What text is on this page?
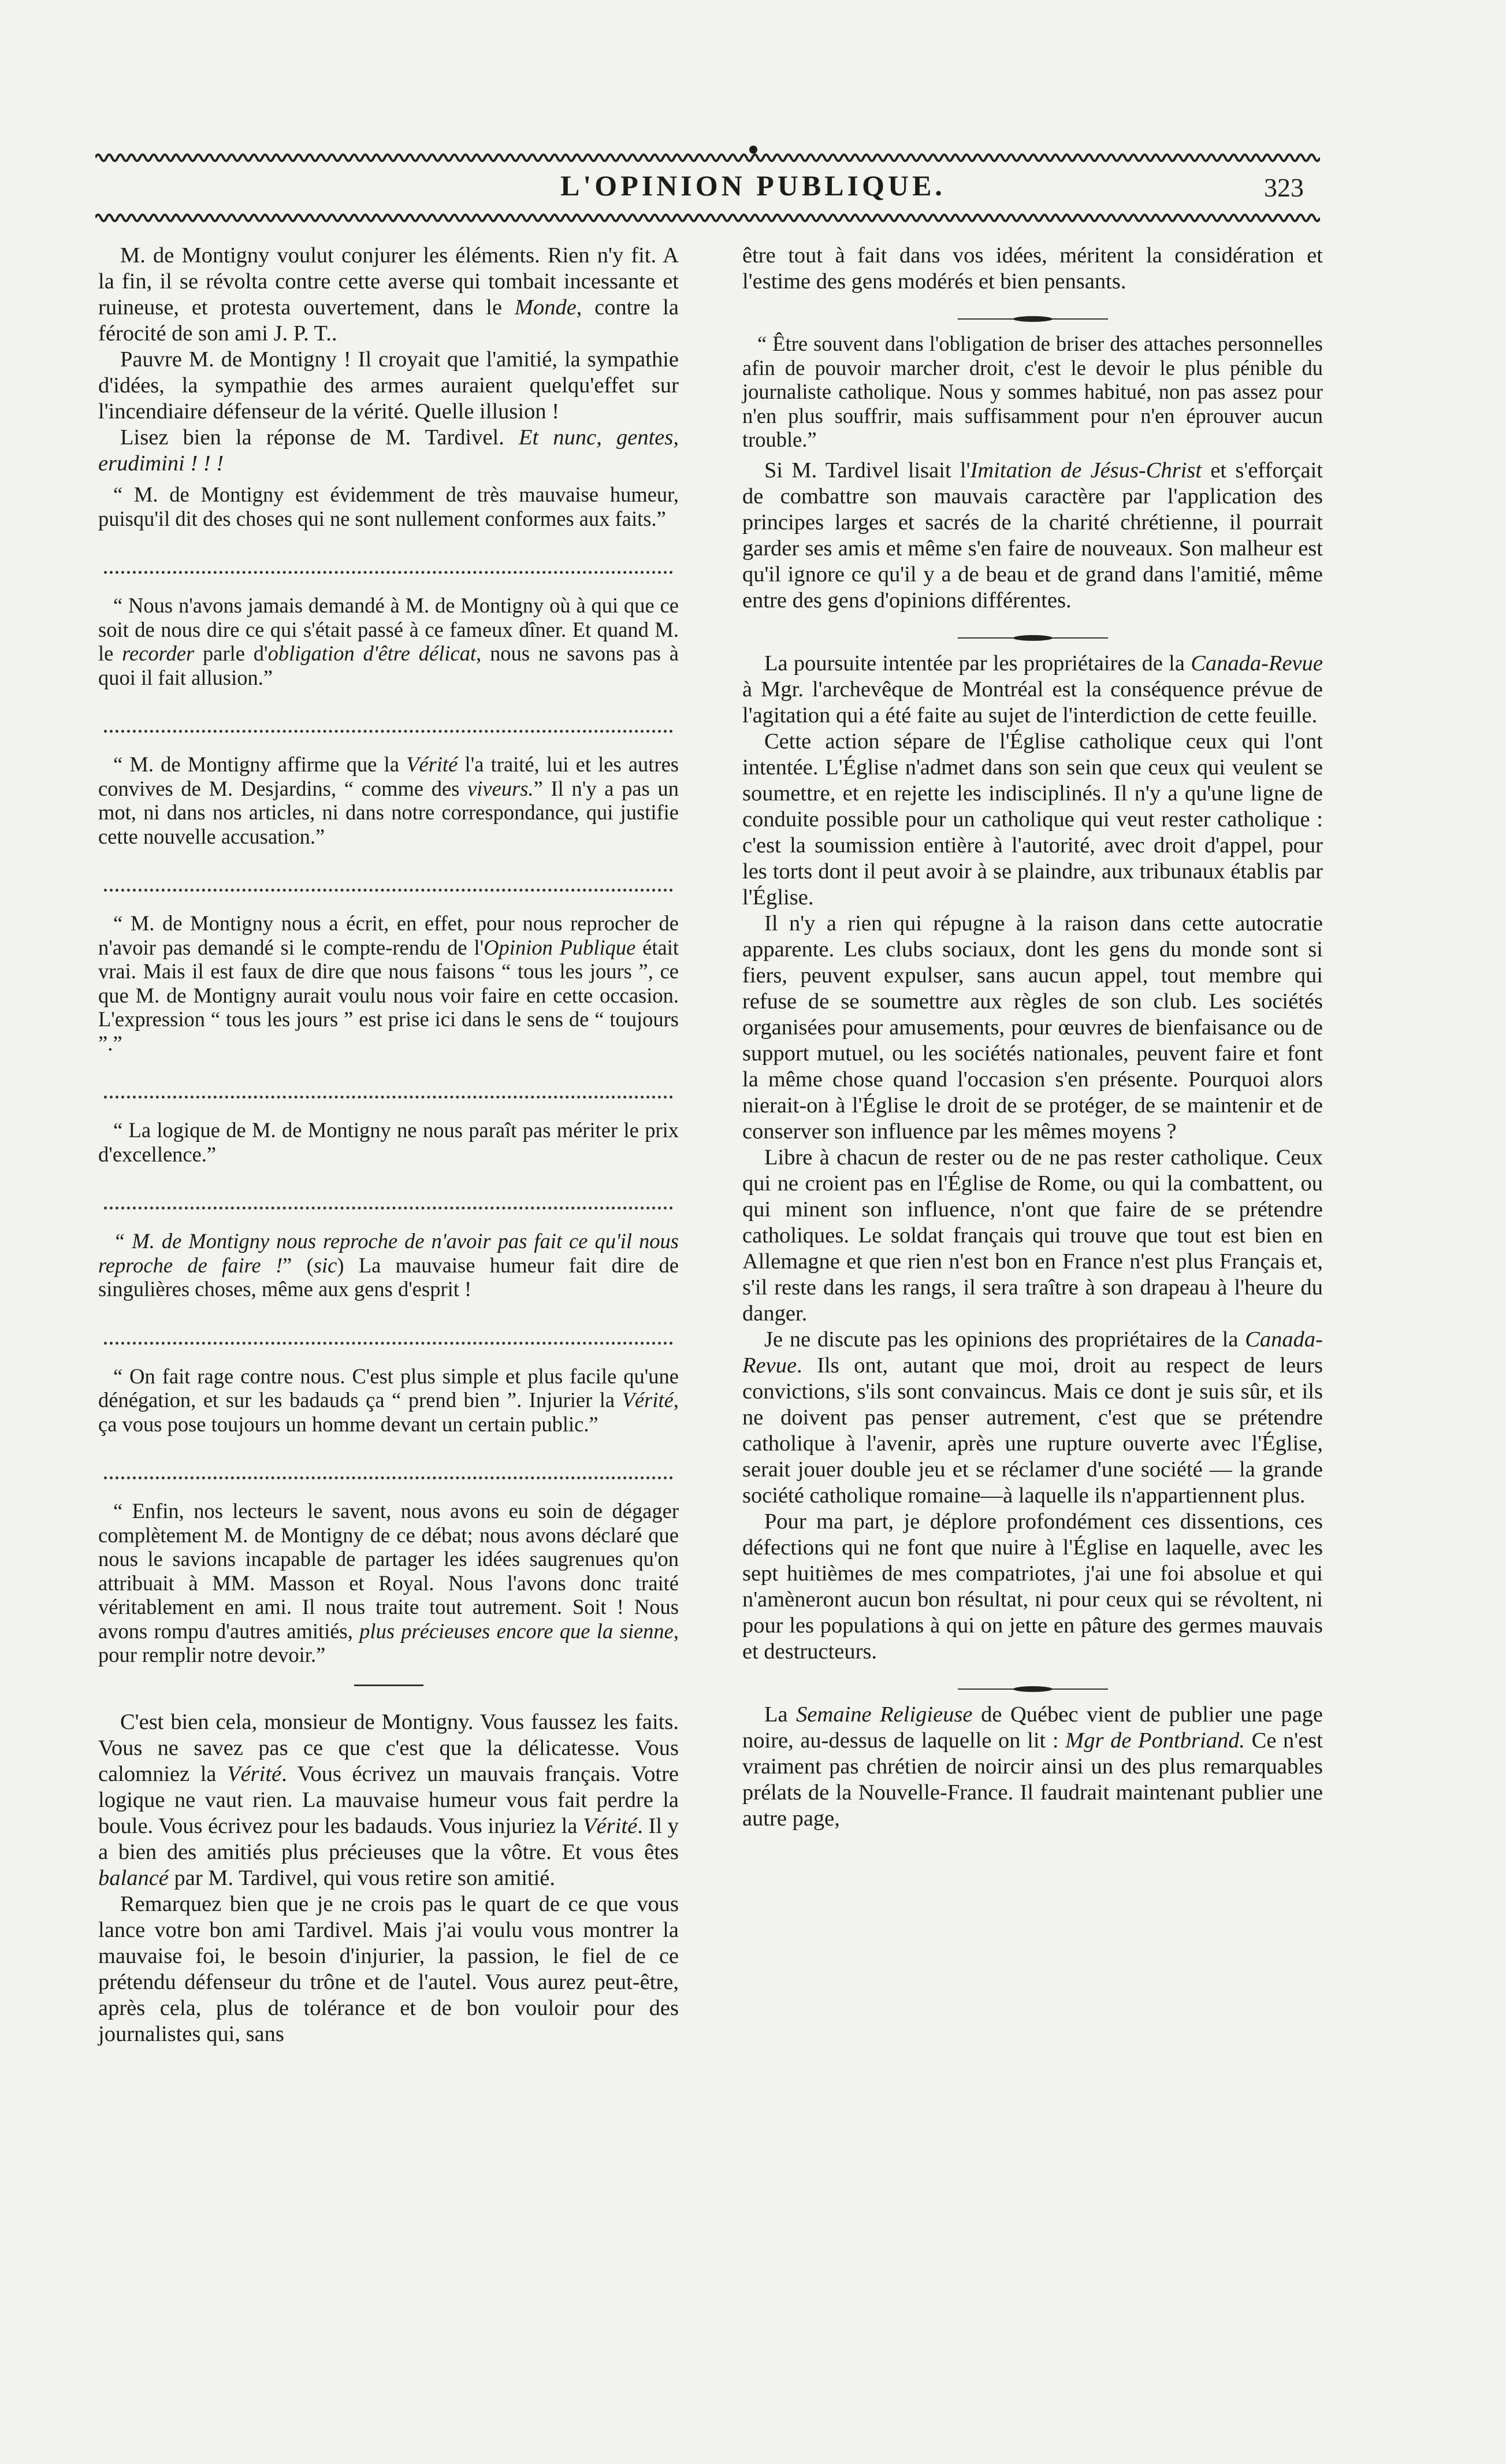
L'OPINION PUBLIQUE.	323

M. de Montigny voulut conjurer les éléments. Rien n'y fit. A la fin, il se révolta contre cette averse qui tombait incessante et ruineuse, et protesta ouvertement, dans le Monde, contre la férocité de son ami J. P. T..

Pauvre M. de Montigny ! Il croyait que l'amitié, la sympathie d'idées, la sympathie des armes auraient quelqu'effet sur l'incendiaire défenseur de la vérité. Quelle illusion !

Lisez bien la réponse de M. Tardivel. Et nunc, gentes, erudimini ! ! !

“ M. de Montigny est évidemment de très mauvaise humeur, puisqu'il dit des choses qui ne sont nullement conformes aux faits.”

“ Nous n'avons jamais demandé à M. de Montigny où à qui que ce soit de nous dire ce qui s'était passé à ce fameux dîner. Et quand M. le recorder parle d'obligation d'être délicat, nous ne savons pas à quoi il fait allusion.”

“ M. de Montigny affirme que la Vérité l'a traité, lui et les autres convives de M. Desjardins, “ comme des viveurs.” Il n'y a pas un mot, ni dans nos articles, ni dans notre correspondance, qui justifie cette nouvelle accusation.”

“ M. de Montigny nous a écrit, en effet, pour nous reprocher de n'avoir pas demandé si le compte-rendu de l'Opinion Publique était vrai. Mais il est faux de dire que nous faisons “ tous les jours ”, ce que M. de Montigny aurait voulu nous voir faire en cette occasion. L'expression “ tous les jours ” est prise ici dans le sens de “ toujours ”.”

“ La logique de M. de Montigny ne nous paraît pas mériter le prix d'excellence.”

“ M. de Montigny nous reproche de n'avoir pas fait ce qu'il nous reproche de faire !” (sic) La mauvaise humeur fait dire de singulières choses, même aux gens d'esprit !

“ On fait rage contre nous. C'est plus simple et plus facile qu'une dénégation, et sur les badauds ça “ prend bien ”. Injurier la Vérité, ça vous pose toujours un homme devant un certain public.”

“ Enfin, nos lecteurs le savent, nous avons eu soin de dégager complètement M. de Montigny de ce débat; nous avons déclaré que nous le savions incapable de partager les idées saugrenues qu'on attribuait à MM. Masson et Royal. Nous l'avons donc traité véritablement en ami. Il nous traite tout autrement. Soit ! Nous avons rompu d'autres amitiés, plus précieuses encore que la sienne, pour remplir notre devoir.”

C'est bien cela, monsieur de Montigny. Vous faussez les faits. Vous ne savez pas ce que c'est que la délicatesse. Vous calomniez la Vérité. Vous écrivez un mauvais français. Votre logique ne vaut rien. La mauvaise humeur vous fait perdre la boule. Vous écrivez pour les badauds. Vous injuriez la Vérité. Il y a bien des amitiés plus précieuses que la vôtre. Et vous êtes balancé par M. Tardivel, qui vous retire son amitié.

Remarquez bien que je ne crois pas le quart de ce que vous lance votre bon ami Tardivel. Mais j'ai voulu vous montrer la mauvaise foi, le besoin d'injurier, la passion, le fiel de ce prétendu défenseur du trône et de l'autel. Vous aurez peut-être, après cela, plus de tolérance et de bon vouloir pour des journalistes qui, sans

être tout à fait dans vos idées, méritent la considération et l'estime des gens modérés et bien pensants.

“ Être souvent dans l'obligation de briser des attaches personnelles afin de pouvoir marcher droit, c'est le devoir le plus pénible du journaliste catholique. Nous y sommes habitué, non pas assez pour n'en plus souffrir, mais suffisamment pour n'en éprouver aucun trouble.”

Si M. Tardivel lisait l'Imitation de Jésus-Christ et s'efforçait de combattre son mauvais caractère par l'application des principes larges et sacrés de la charité chrétienne, il pourrait garder ses amis et même s'en faire de nouveaux. Son malheur est qu'il ignore ce qu'il y a de beau et de grand dans l'amitié, même entre des gens d'opinions différentes.

La poursuite intentée par les propriétaires de la Canada-Revue à Mgr. l'archevêque de Montréal est la conséquence prévue de l'agitation qui a été faite au sujet de l'interdiction de cette feuille.

Cette action sépare de l'Église catholique ceux qui l'ont intentée. L'Église n'admet dans son sein que ceux qui veulent se soumettre, et en rejette les indisciplinés. Il n'y a qu'une ligne de conduite possible pour un catholique qui veut rester catholique : c'est la soumission entière à l'autorité, avec droit d'appel, pour les torts dont il peut avoir à se plaindre, aux tribunaux établis par l'Église.

Il n'y a rien qui répugne à la raison dans cette autocratie apparente. Les clubs sociaux, dont les gens du monde sont si fiers, peuvent expulser, sans aucun appel, tout membre qui refuse de se soumettre aux règles de son club. Les sociétés organisées pour amusements, pour œuvres de bienfaisance ou de support mutuel, ou les sociétés nationales, peuvent faire et font la même chose quand l'occasion s'en présente. Pourquoi alors nierait-on à l'Église le droit de se protéger, de se maintenir et de conserver son influence par les mêmes moyens ?

Libre à chacun de rester ou de ne pas rester catholique. Ceux qui ne croient pas en l'Église de Rome, ou qui la combattent, ou qui minent son influence, n'ont que faire de se prétendre catholiques. Le soldat français qui trouve que tout est bien en Allemagne et que rien n'est bon en France n'est plus Français et, s'il reste dans les rangs, il sera traître à son drapeau à l'heure du danger.

Je ne discute pas les opinions des propriétaires de la Canada-Revue. Ils ont, autant que moi, droit au respect de leurs convictions, s'ils sont convaincus. Mais ce dont je suis sûr, et ils ne doivent pas penser autrement, c'est que se prétendre catholique à l'avenir, après une rupture ouverte avec l'Église, serait jouer double jeu et se réclamer d'une société — la grande société catholique romaine—à laquelle ils n'appartiennent plus.

Pour ma part, je déplore profondément ces dissentions, ces défections qui ne font que nuire à l'Église en laquelle, avec les sept huitièmes de mes compatriotes, j'ai une foi absolue et qui n'amèneront aucun bon résultat, ni pour ceux qui se révoltent, ni pour les populations à qui on jette en pâture des germes mauvais et destructeurs.

La Semaine Religieuse de Québec vient de publier une page noire, au-dessus de laquelle on lit : Mgr de Pontbriand. Ce n'est vraiment pas chrétien de noircir ainsi un des plus remarquables prélats de la Nouvelle-France. Il faudrait maintenant publier une autre page,
